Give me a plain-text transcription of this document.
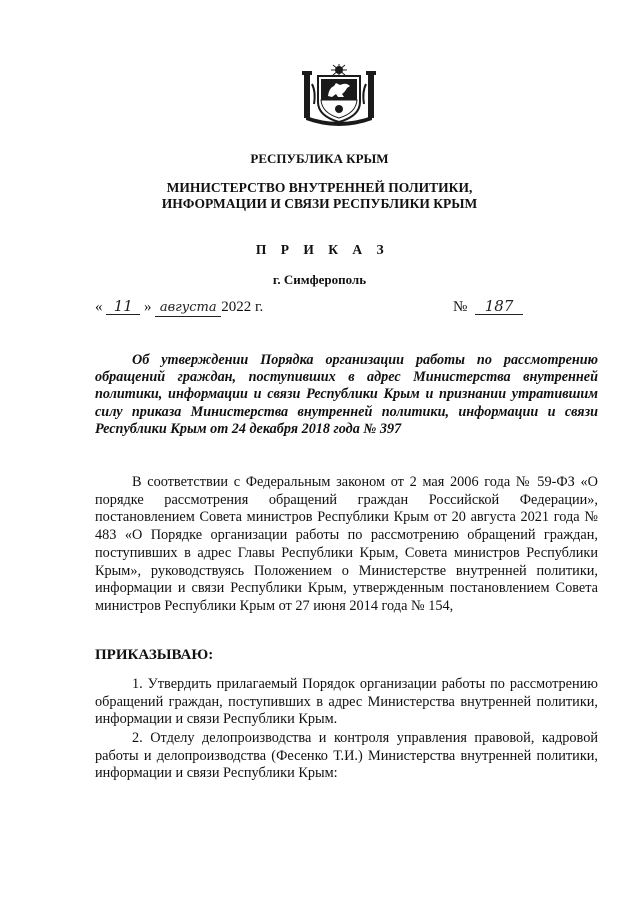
РЕСПУБЛИКА КРЫМ
МИНИСТЕРСТВО ВНУТРЕННЕЙ ПОЛИТИКИ,
ИНФОРМАЦИИ И СВЯЗИ РЕСПУБЛИКИ КРЫМ
П Р И К А З
г. Симферополь
« 11 » августа 2022 г.	№ 187
Об утверждении Порядка организации работы по рассмотрению обращений граждан, поступивших в адрес Министерства внутренней политики, информации и связи Республики Крым и признании утратившим силу приказа Министерства внутренней политики, информации и связи Республики Крым от 24 декабря 2018 года № 397
В соответствии с Федеральным законом от 2 мая 2006 года № 59-ФЗ «О порядке рассмотрения обращений граждан Российской Федерации», постановлением Совета министров Республики Крым от 20 августа 2021 года № 483 «О Порядке организации работы по рассмотрению обращений граждан, поступивших в адрес Главы Республики Крым, Совета министров Республики Крым», руководствуясь Положением о Министерстве внутренней политики, информации и связи Республики Крым, утвержденным постановлением Совета министров Республики Крым от 27 июня 2014 года № 154,
ПРИКАЗЫВАЮ:
1. Утвердить прилагаемый Порядок организации работы по рассмотрению обращений граждан, поступивших в адрес Министерства внутренней политики, информации и связи Республики Крым.
2. Отделу делопроизводства и контроля управления правовой, кадровой работы и делопроизводства (Фесенко Т.И.) Министерства внутренней политики, информации и связи Республики Крым:
